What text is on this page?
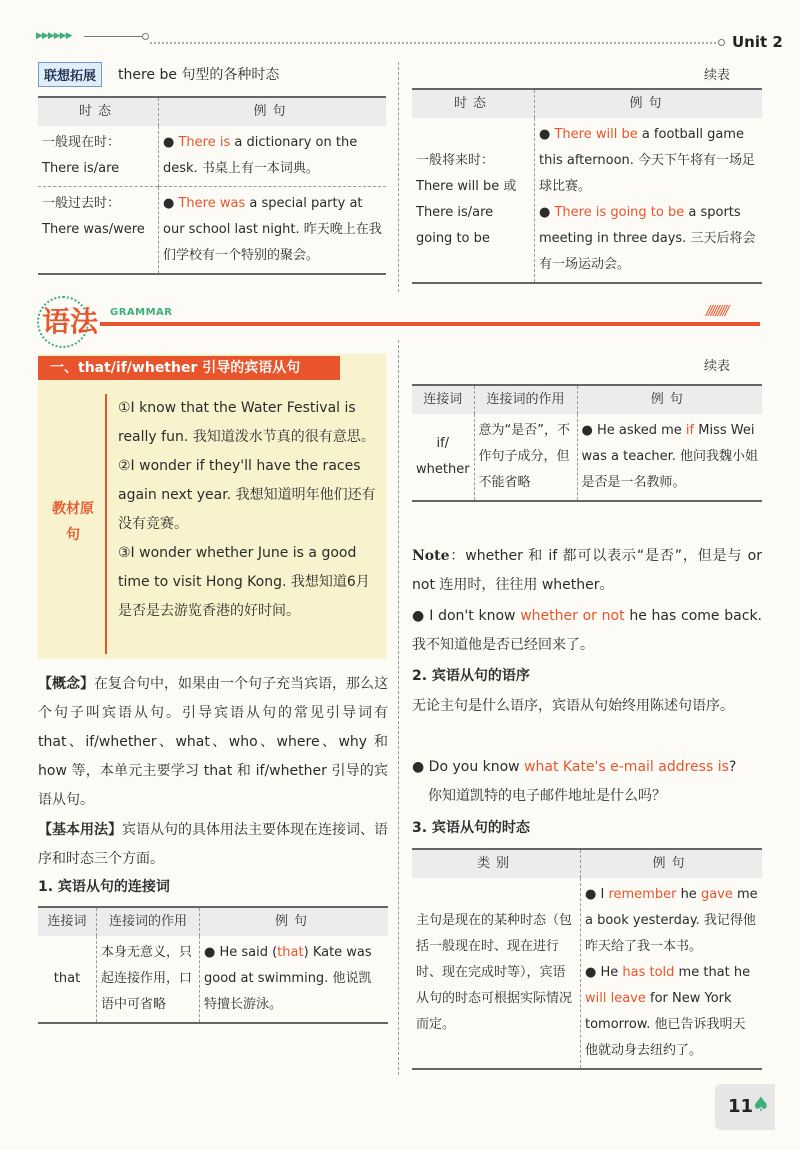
▶▶▶▶▶▶	Unit 2
联想拓展	there be 句型的各种时态
时态	例句
一般现在时：There is/are	● There is a dictionary on the desk. 书桌上有一本词典。
一般过去时：There was/were	● There was a special party at our school last night. 昨天晚上在我们学校有一个特别的聚会。
续表
时态	例句
一般将来时：There will be 或 There is/are going to be	● There will be a football game this afternoon. 今天下午将有一场足球比赛。
● There is going to be a sports meeting in three days. 三天后将会有一场运动会。
语法 GRAMMAR	/////////
一、that/if/whether 引导的宾语从句
教材原句
①I know that the Water Festival is really fun. 我知道泼水节真的很有意思。
②I wonder if they'll have the races again next year. 我想知道明年他们还有没有竞赛。
③I wonder whether June is a good time to visit Hong Kong. 我想知道6月是否是去游览香港的好时间。
【概念】在复合句中，如果由一个句子充当宾语，那么这个句子叫宾语从句。引导宾语从句的常见引导词有 that、if/whether、what、who、where、why 和 how 等，本单元主要学习 that 和 if/whether 引导的宾语从句。
【基本用法】宾语从句的具体用法主要体现在连接词、语序和时态三个方面。
1. 宾语从句的连接词
连接词	连接词的作用	例句
that	本身无意义，只起连接作用，口语中可省略	● He said (that) Kate was good at swimming. 他说凯特擅长游泳。
续表
连接词	连接词的作用	例句
if/ whether	意为“是否”，不作句子成分，但不能省略	● He asked me if Miss Wei was a teacher. 他问我魏小姐是否是一名教师。
Note：whether 和 if 都可以表示“是否”，但是与 or not 连用时，往往用 whether。
● I don't know whether or not he has come back. 我不知道他是否已经回来了。
2. 宾语从句的语序
无论主句是什么语序，宾语从句始终用陈述句语序。
● Do you know what Kate's e-mail address is?
你知道凯特的电子邮件地址是什么吗？
3. 宾语从句的时态
类别	例句
主句是现在的某种时态（包括一般现在时、现在进行时、现在完成时等），宾语从句的时态可根据实际情况而定。	● I remember he gave me a book yesterday. 我记得他昨天给了我一本书。
● He has told me that he will leave for New York tomorrow. 他已告诉我明天他就动身去纽约了。
11
♠
